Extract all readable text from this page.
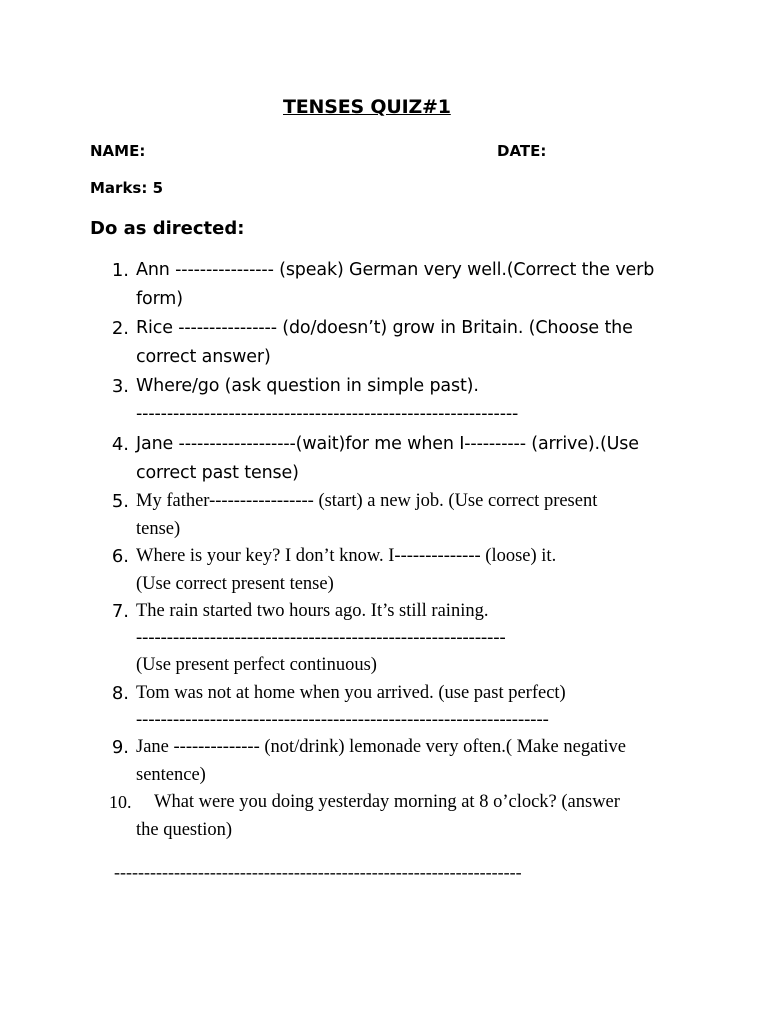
TENSES QUIZ#1
NAME:	DATE:
Marks: 5
Do as directed:
1. Ann ---------------- (speak) German very well.(Correct the verb
form)
2. Rice ---------------- (do/doesn’t) grow in Britain. (Choose the
correct answer)
3. Where/go (ask question in simple past).
--------------------------------------------------------------
4. Jane -------------------(wait)for me when I---------- (arrive).(Use
correct past tense)
5. My father----------------- (start) a new job. (Use correct present
tense)
6. Where is your key? I don’t know. I-------------- (loose) it.
(Use correct present tense)
7. The rain started two hours ago. It’s still raining.
------------------------------------------------------------
(Use present perfect continuous)
8. Tom was not at home when you arrived. (use past perfect)
-------------------------------------------------------------------
9. Jane -------------- (not/drink) lemonade very often.( Make negative
sentence)
10. What were you doing yesterday morning at 8 o’clock? (answer
the question)
--------------------------------------------------------------------
